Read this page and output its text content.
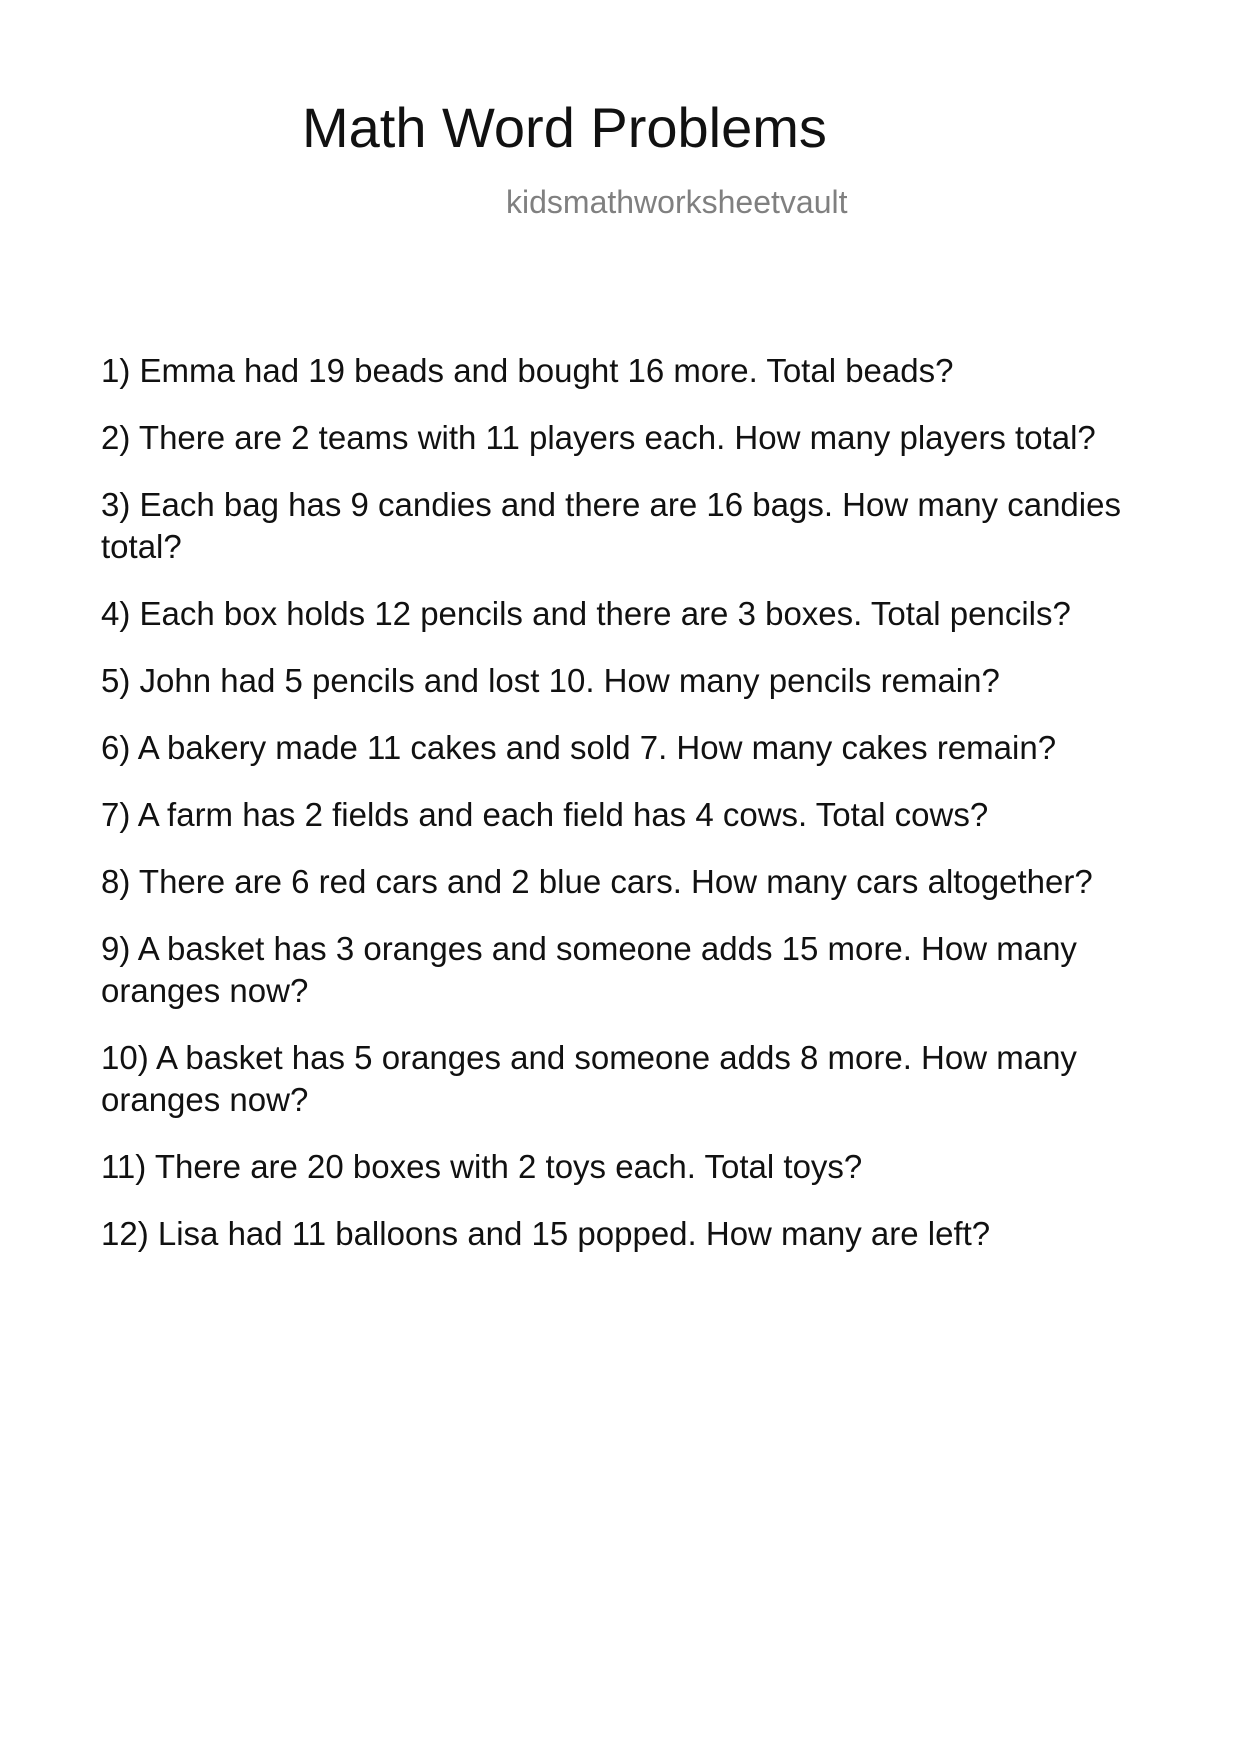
Math Word Problems
kidsmathworksheetvault
1) Emma had 19 beads and bought 16 more. Total beads?
2) There are 2 teams with 11 players each. How many players total?
3) Each bag has 9 candies and there are 16 bags. How many candies total?
4) Each box holds 12 pencils and there are 3 boxes. Total pencils?
5) John had 5 pencils and lost 10. How many pencils remain?
6) A bakery made 11 cakes and sold 7. How many cakes remain?
7) A farm has 2 fields and each field has 4 cows. Total cows?
8) There are 6 red cars and 2 blue cars. How many cars altogether?
9) A basket has 3 oranges and someone adds 15 more. How many oranges now?
10) A basket has 5 oranges and someone adds 8 more. How many oranges now?
11) There are 20 boxes with 2 toys each. Total toys?
12) Lisa had 11 balloons and 15 popped. How many are left?
